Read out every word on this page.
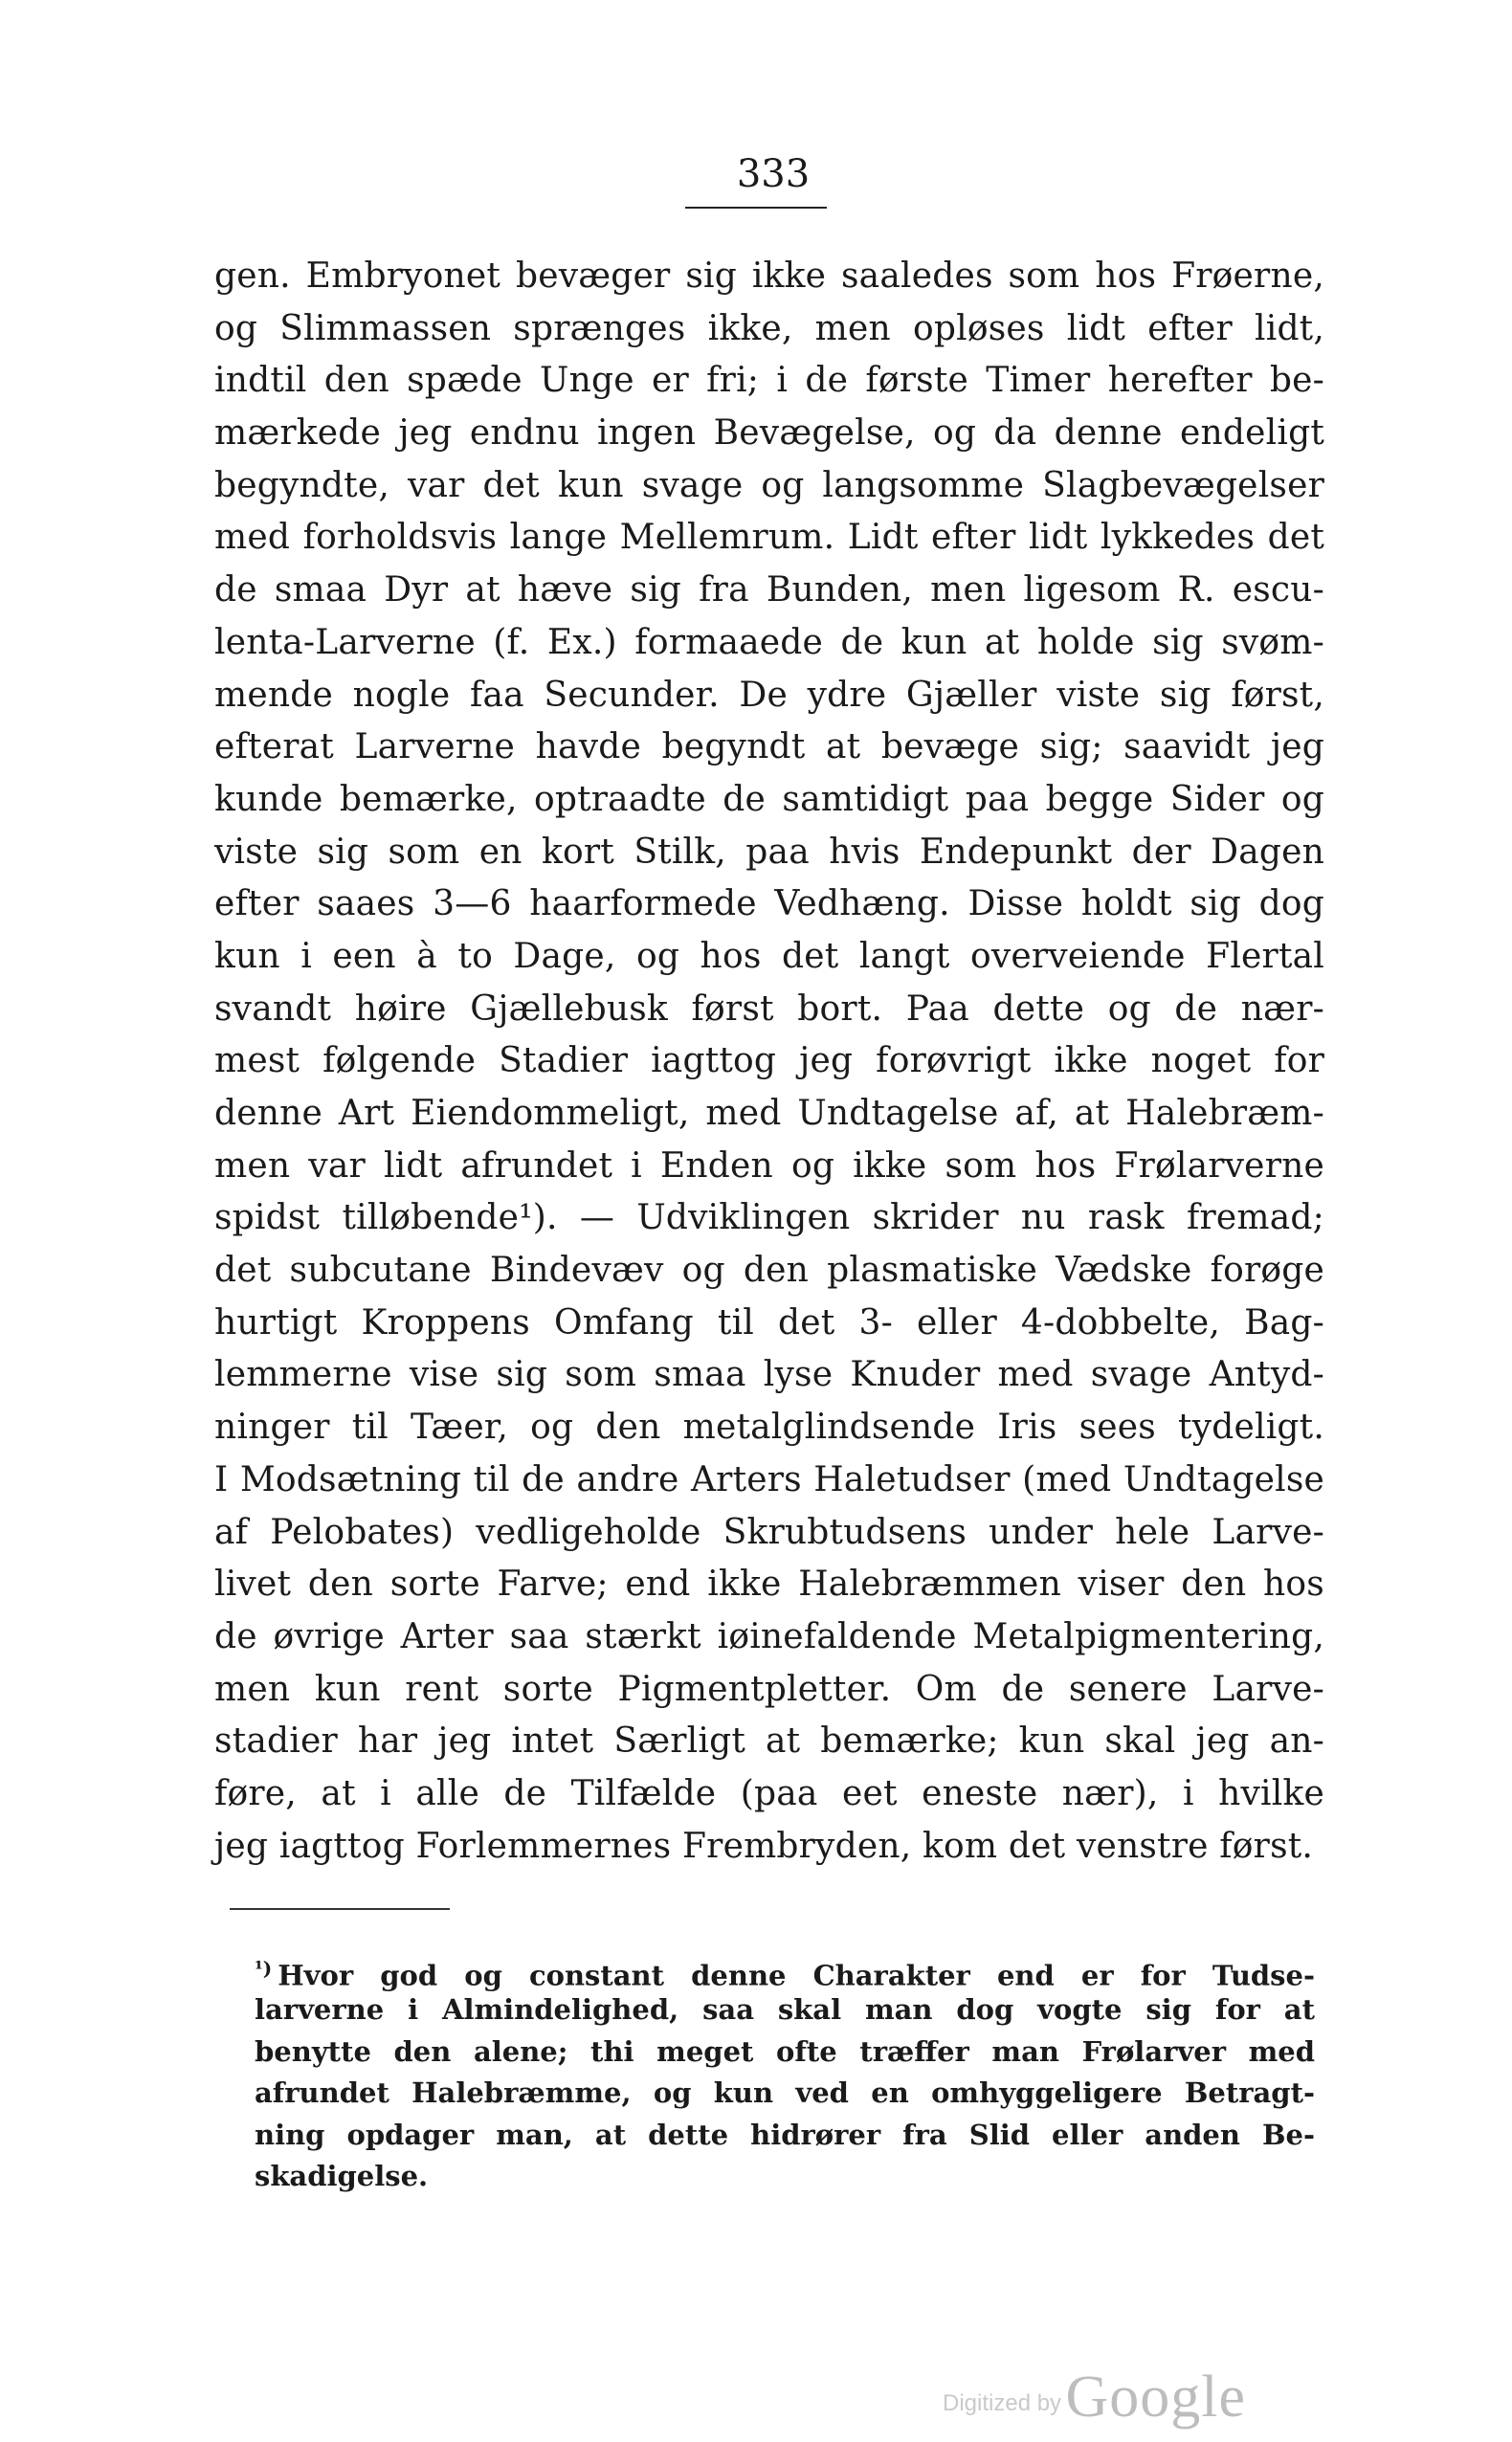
333
gen. Embryonet bevæger sig ikke saaledes som hos Frøerne,
og Slimmassen sprænges ikke, men opløses lidt efter lidt,
indtil den spæde Unge er fri; i de første Timer herefter be-
mærkede jeg endnu ingen Bevægelse, og da denne endeligt
begyndte, var det kun svage og langsomme Slagbevægelser
med forholdsvis lange Mellemrum. Lidt efter lidt lykkedes det
de smaa Dyr at hæve sig fra Bunden, men ligesom R. escu-
lenta-Larverne (f. Ex.) formaaede de kun at holde sig svøm-
mende nogle faa Secunder. De ydre Gjæller viste sig først,
efterat Larverne havde begyndt at bevæge sig; saavidt jeg
kunde bemærke, optraadte de samtidigt paa begge Sider og
viste sig som en kort Stilk, paa hvis Endepunkt der Dagen
efter saaes 3—6 haarformede Vedhæng. Disse holdt sig dog
kun i een à to Dage, og hos det langt overveiende Flertal
svandt høire Gjællebusk først bort. Paa dette og de nær-
mest følgende Stadier iagttog jeg forøvrigt ikke noget for
denne Art Eiendommeligt, med Undtagelse af, at Halebræm-
men var lidt afrundet i Enden og ikke som hos Frølarverne
spidst tilløbende¹). — Udviklingen skrider nu rask fremad;
det subcutane Bindevæv og den plasmatiske Vædske forøge
hurtigt Kroppens Omfang til det 3- eller 4-dobbelte, Bag-
lemmerne vise sig som smaa lyse Knuder med svage Antyd-
ninger til Tæer, og den metalglindsende Iris sees tydeligt.
I Modsætning til de andre Arters Haletudser (med Undtagelse
af Pelobates) vedligeholde Skrubtudsens under hele Larve-
livet den sorte Farve; end ikke Halebræmmen viser den hos
de øvrige Arter saa stærkt iøinefaldende Metalpigmentering,
men kun rent sorte Pigmentpletter. Om de senere Larve-
stadier har jeg intet Særligt at bemærke; kun skal jeg an-
føre, at i alle de Tilfælde (paa eet eneste nær), i hvilke
jeg iagttog Forlemmernes Frembryden, kom det venstre først.
$^{^1)}$ Hvor god og constant denne Charakter end er for Tudse-
larverne i Almindelighed, saa skal man dog vogte sig for at
benytte den alene; thi meget ofte træffer man Frølarver med
afrundet Halebræmme, og kun ved en omhyggeligere Betragt-
ning opdager man, at dette hidrører fra Slid eller anden Be-
skadigelse.
Digitized by Google
